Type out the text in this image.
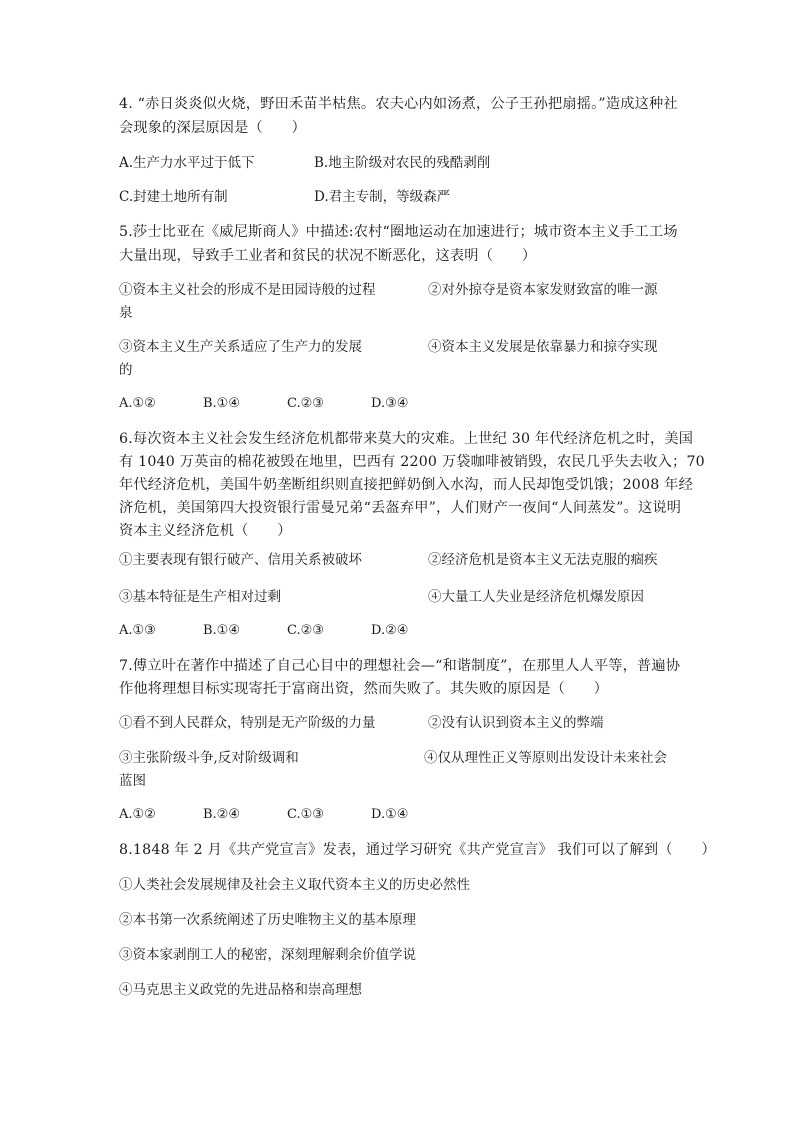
4. “赤日炎炎似火烧，野田禾苗半枯焦。农夫心内如汤煮，公子王孙把扇摇。”造成这种社
会现象的深层原因是（　　）
A.生产力水平过于低下	B.地主阶级对农民的残酷剥削
C.封建土地所有制	D.君主专制，等级森严
5.莎士比亚在《威尼斯商人》中描述:农村“圈地运动在加速进行；城市资本主义手工工场
大量出现，导致手工业者和贫民的状况不断恶化，这表明（　　）
①资本主义社会的形成不是田园诗般的过程	②对外掠夺是资本家发财致富的唯一源
泉
③资本主义生产关系适应了生产力的发展	④资本主义发展是依靠暴力和掠夺实现
的
A.①②	B.①④	C.②③	D.③④
6.每次资本主义社会发生经济危机都带来莫大的灾难。上世纪 30 年代经济危机之时，美国
有 1040 万英亩的棉花被毁在地里，巴西有 2200 万袋咖啡被销毁，农民几乎失去收入；70
年代经济危机，美国牛奶垄断组织则直接把鲜奶倒入水沟，而人民却饱受饥饿；2008 年经
济危机，美国第四大投资银行雷曼兄弟“丢盔弃甲”，人们财产一夜间“人间蒸发”。这说明
资本主义经济危机（　　）
①主要表现有银行破产、信用关系被破坏	②经济危机是资本主义无法克服的痼疾
③基本特征是生产相对过剩	④大量工人失业是经济危机爆发原因
A.①③	B.①④	C.②③	D.②④
7.傅立叶在著作中描述了自己心目中的理想社会—“和谐制度”，在那里人人平等，普遍协
作他将理想目标实现寄托于富商出资，然而失败了。其失败的原因是（　　）
①看不到人民群众，特别是无产阶级的力量	②没有认识到资本主义的弊端
③主张阶级斗争,反对阶级调和	④仅从理性正义等原则出发设计未来社会
蓝图
A.①②	B.②④	C.①③	D.①④
8.1848 年 2 月《共产党宣言》发表，通过学习研究《共产党宣言》 我们可以了解到（　　）
①人类社会发展规律及社会主义取代资本主义的历史必然性
②本书第一次系统阐述了历史唯物主义的基本原理
③资本家剥削工人的秘密，深刻理解剩余价值学说
④马克思主义政党的先进品格和崇高理想
